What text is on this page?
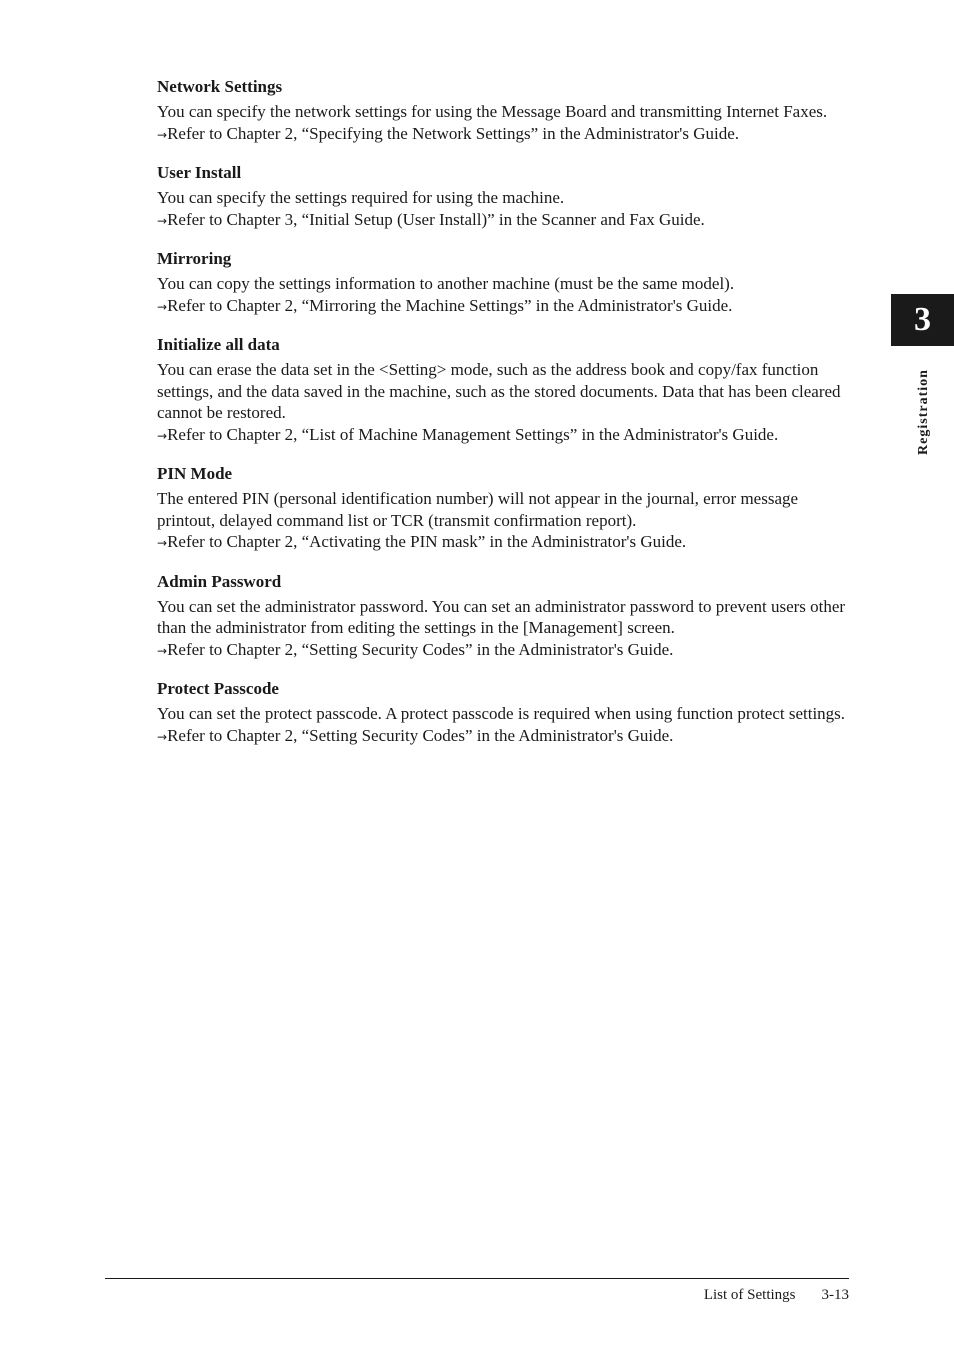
Network Settings

You can specify the network settings for using the Message Board and transmitting Internet Faxes.

→Refer to Chapter 2, “Specifying the Network Settings” in the Administrator's Guide.

User Install

You can specify the settings required for using the machine.

→Refer to Chapter 3, “Initial Setup (User Install)” in the Scanner and Fax Guide.

Mirroring

You can copy the settings information to another machine (must be the same model).

→Refer to Chapter 2, “Mirroring the Machine Settings” in the Administrator's Guide.

Initialize all data

You can erase the data set in the <Setting> mode, such as the address book and copy/fax function settings, and the data saved in the machine, such as the stored documents. Data that has been cleared cannot be restored.

→Refer to Chapter 2, “List of Machine Management Settings” in the Administrator's Guide.

PIN Mode

The entered PIN (personal identification number) will not appear in the journal, error message printout, delayed command list or TCR (transmit confirmation report).

→Refer to Chapter 2, “Activating the PIN mask” in the Administrator's Guide.

Admin Password

You can set the administrator password. You can set an administrator password to prevent users other than the administrator from editing the settings in the [Management] screen.

→Refer to Chapter 2, “Setting Security Codes” in the Administrator's Guide.

Protect Passcode

You can set the protect passcode. A protect passcode is required when using function protect settings.

→Refer to Chapter 2, “Setting Security Codes” in the Administrator's Guide.

3
Registration
List of Settings 3-13
